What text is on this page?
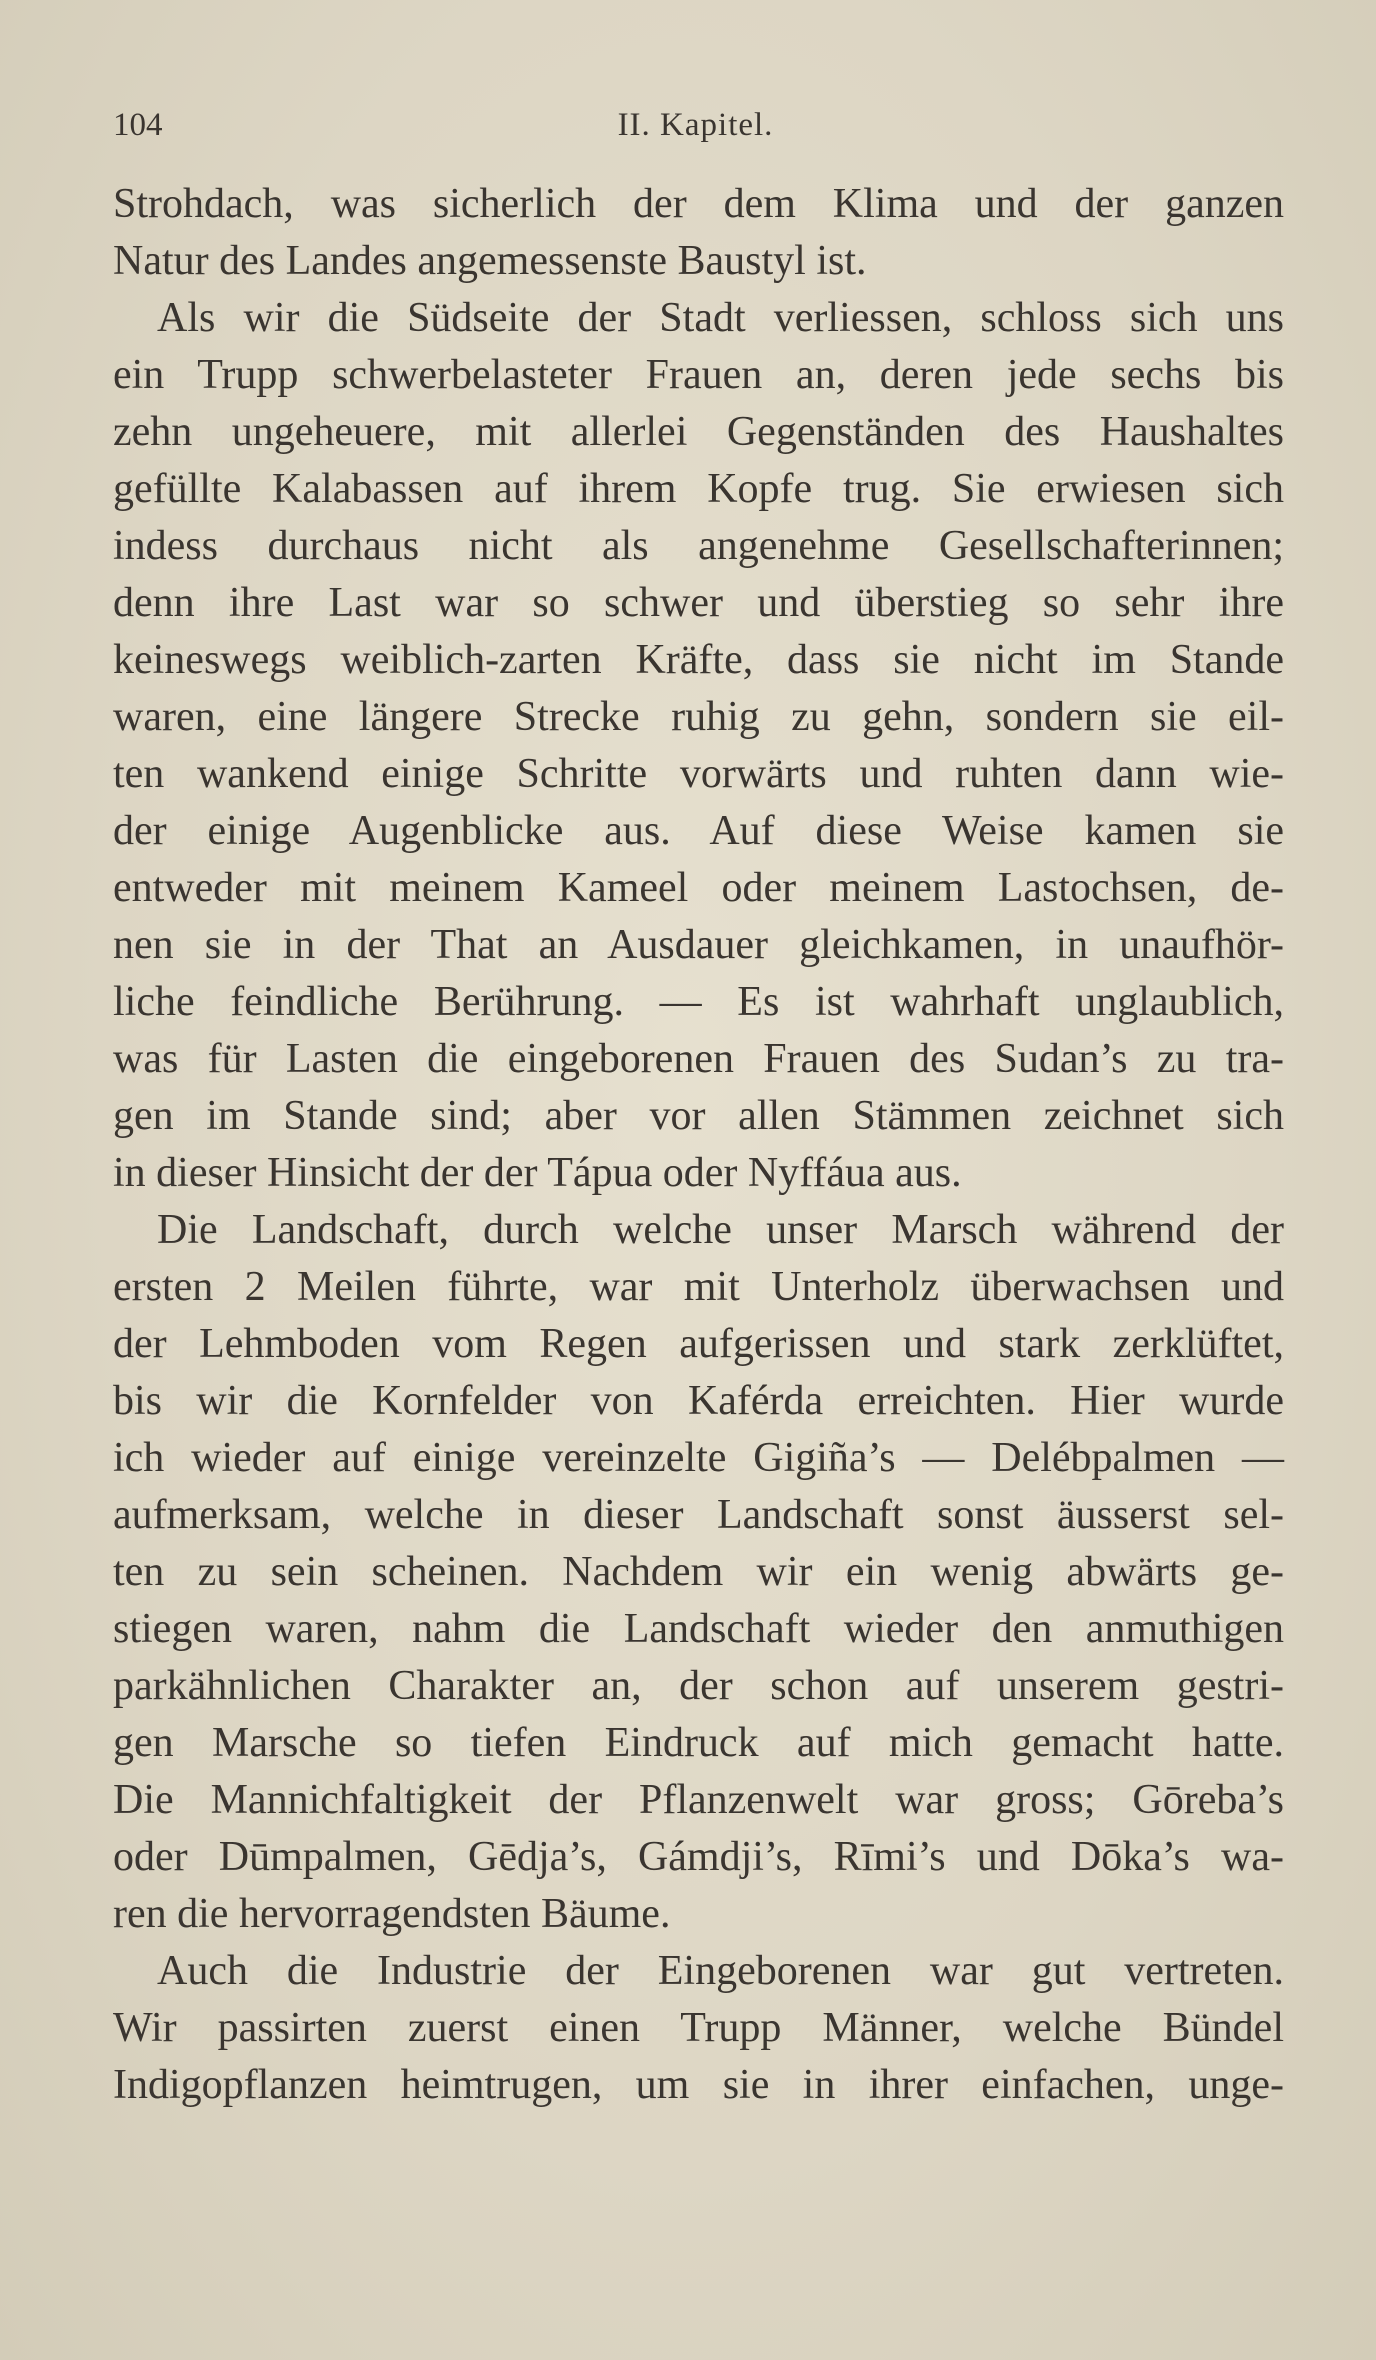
104	II. Kapitel.
Strohdach, was sicherlich der dem Klima und der ganzen
Natur des Landes angemessenste Baustyl ist.
Als wir die Südseite der Stadt verliessen, schloss sich uns
ein Trupp schwerbelasteter Frauen an, deren jede sechs bis
zehn ungeheuere, mit allerlei Gegenständen des Haushaltes
gefüllte Kalabassen auf ihrem Kopfe trug. Sie erwiesen sich
indess durchaus nicht als angenehme Gesellschafterinnen;
denn ihre Last war so schwer und überstieg so sehr ihre
keineswegs weiblich-zarten Kräfte, dass sie nicht im Stande
waren, eine längere Strecke ruhig zu gehn, sondern sie eil-
ten wankend einige Schritte vorwärts und ruhten dann wie-
der einige Augenblicke aus. Auf diese Weise kamen sie
entweder mit meinem Kameel oder meinem Lastochsen, de-
nen sie in der That an Ausdauer gleichkamen, in unaufhör-
liche feindliche Berührung. — Es ist wahrhaft unglaublich,
was für Lasten die eingeborenen Frauen des Sudan’s zu tra-
gen im Stande sind; aber vor allen Stämmen zeichnet sich
in dieser Hinsicht der der Tápua oder Nyffáua aus.
Die Landschaft, durch welche unser Marsch während der
ersten 2 Meilen führte, war mit Unterholz überwachsen und
der Lehmboden vom Regen aufgerissen und stark zerklüftet,
bis wir die Kornfelder von Kaférda erreichten. Hier wurde
ich wieder auf einige vereinzelte Gigiña’s — Delébpalmen —
aufmerksam, welche in dieser Landschaft sonst äusserst sel-
ten zu sein scheinen. Nachdem wir ein wenig abwärts ge-
stiegen waren, nahm die Landschaft wieder den anmuthigen
parkähnlichen Charakter an, der schon auf unserem gestri-
gen Marsche so tiefen Eindruck auf mich gemacht hatte.
Die Mannichfaltigkeit der Pflanzenwelt war gross; Gōreba’s
oder Dūmpalmen, Gēdja’s, Gámdji’s, Rīmi’s und Dōka’s wa-
ren die hervorragendsten Bäume.
Auch die Industrie der Eingeborenen war gut vertreten.
Wir passirten zuerst einen Trupp Männer, welche Bündel
Indigopflanzen heimtrugen, um sie in ihrer einfachen, unge-
